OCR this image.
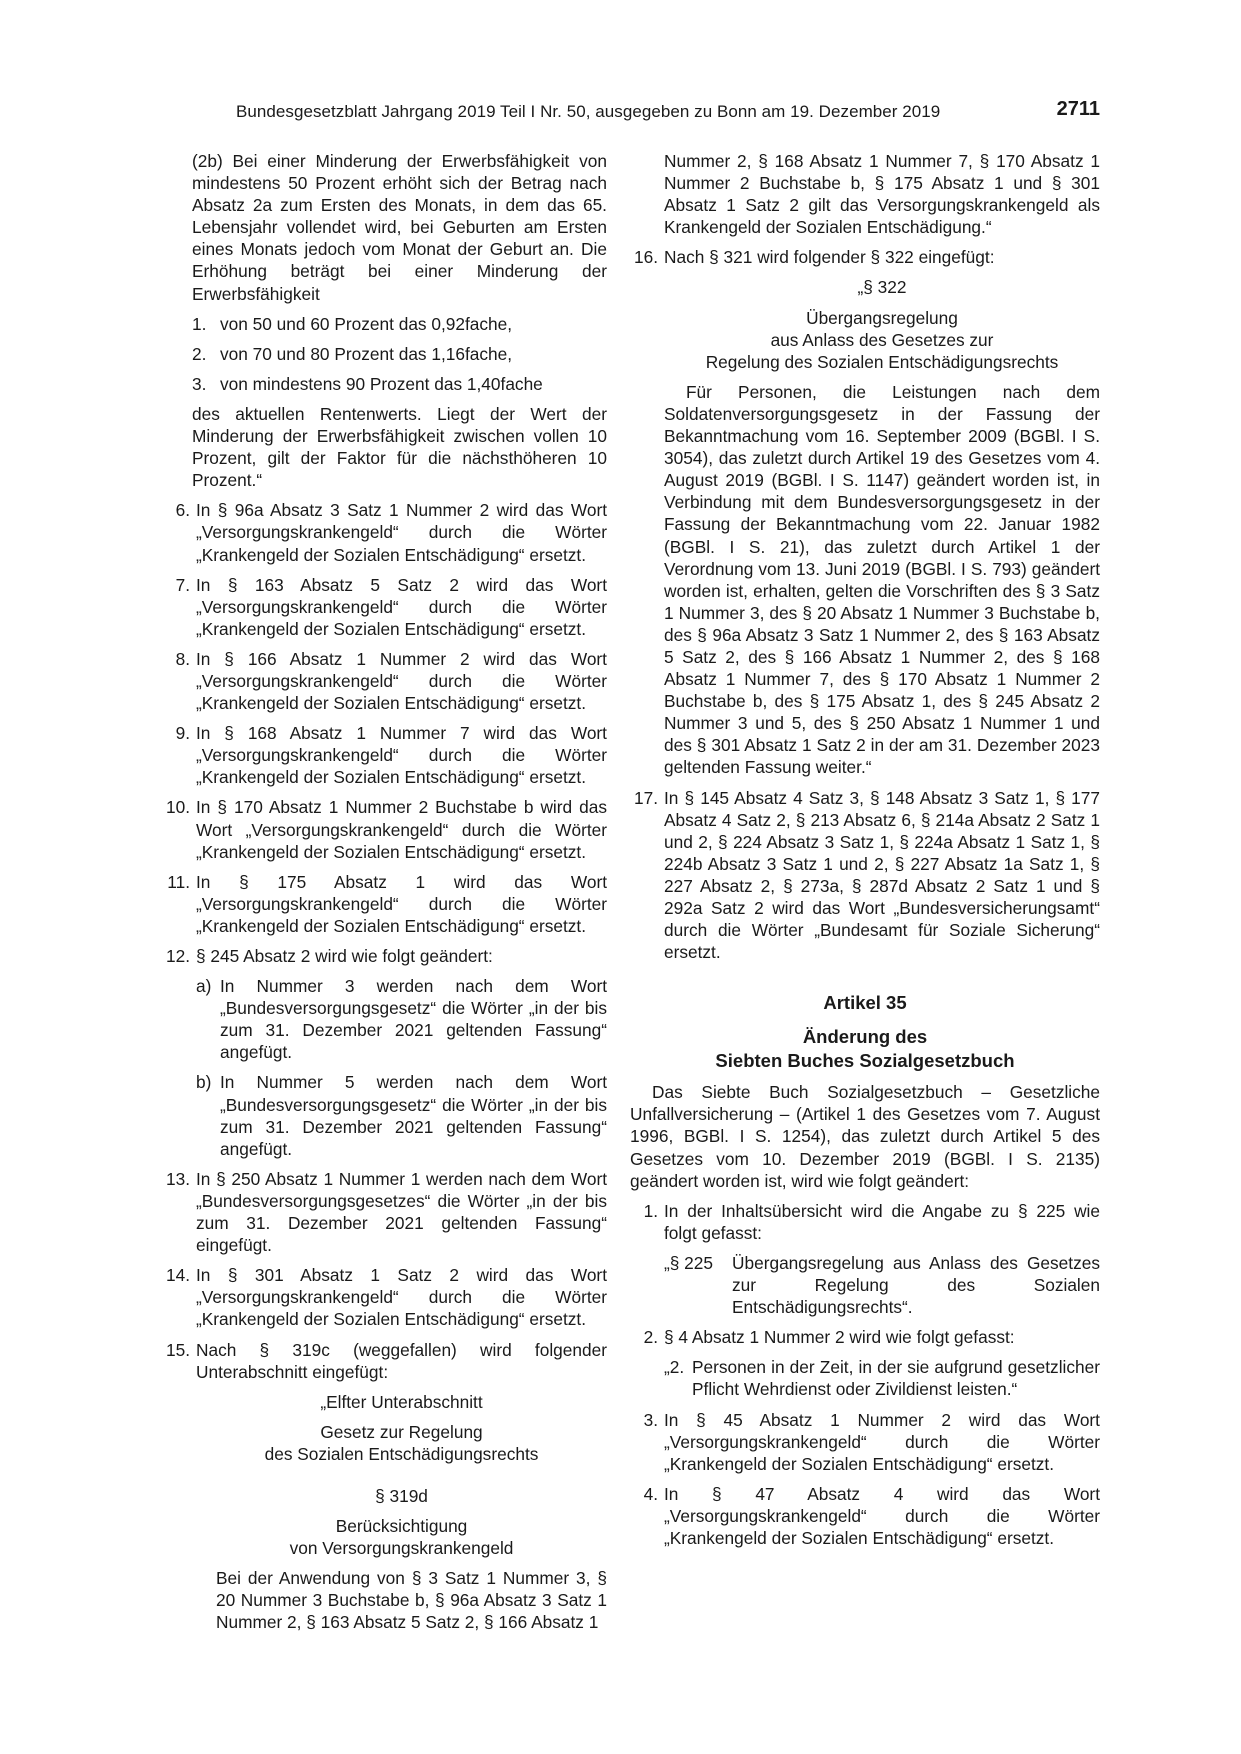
Bundesgesetzblatt Jahrgang 2019 Teil I Nr. 50, ausgegeben zu Bonn am 19. Dezember 2019	2711

(2b) Bei einer Minderung der Erwerbsfähigkeit von mindestens 50 Prozent erhöht sich der Betrag nach Absatz 2a zum Ersten des Monats, in dem das 65. Lebensjahr vollendet wird, bei Geburten am Ersten eines Monats jedoch vom Monat der Geburt an. Die Erhöhung beträgt bei einer Minderung der Erwerbsfähigkeit

1. von 50 und 60 Prozent das 0,92fache,
2. von 70 und 80 Prozent das 1,16fache,
3. von mindestens 90 Prozent das 1,40fache

des aktuellen Rentenwerts. Liegt der Wert der Minderung der Erwerbsfähigkeit zwischen vollen 10 Prozent, gilt der Faktor für die nächsthöheren 10 Prozent.“

6. In § 96a Absatz 3 Satz 1 Nummer 2 wird das Wort „Versorgungskrankengeld“ durch die Wörter „Krankengeld der Sozialen Entschädigung“ ersetzt.
7. In § 163 Absatz 5 Satz 2 wird das Wort „Versorgungskrankengeld“ durch die Wörter „Krankengeld der Sozialen Entschädigung“ ersetzt.
8. In § 166 Absatz 1 Nummer 2 wird das Wort „Versorgungskrankengeld“ durch die Wörter „Krankengeld der Sozialen Entschädigung“ ersetzt.
9. In § 168 Absatz 1 Nummer 7 wird das Wort „Versorgungskrankengeld“ durch die Wörter „Krankengeld der Sozialen Entschädigung“ ersetzt.
10. In § 170 Absatz 1 Nummer 2 Buchstabe b wird das Wort „Versorgungskrankengeld“ durch die Wörter „Krankengeld der Sozialen Entschädigung“ ersetzt.
11. In § 175 Absatz 1 wird das Wort „Versorgungskrankengeld“ durch die Wörter „Krankengeld der Sozialen Entschädigung“ ersetzt.
12. § 245 Absatz 2 wird wie folgt geändert:
a) In Nummer 3 werden nach dem Wort „Bundesversorgungsgesetz“ die Wörter „in der bis zum 31. Dezember 2021 geltenden Fassung“ angefügt.
b) In Nummer 5 werden nach dem Wort „Bundesversorgungsgesetz“ die Wörter „in der bis zum 31. Dezember 2021 geltenden Fassung“ angefügt.
13. In § 250 Absatz 1 Nummer 1 werden nach dem Wort „Bundesversorgungsgesetzes“ die Wörter „in der bis zum 31. Dezember 2021 geltenden Fassung“ eingefügt.
14. In § 301 Absatz 1 Satz 2 wird das Wort „Versorgungskrankengeld“ durch die Wörter „Krankengeld der Sozialen Entschädigung“ ersetzt.
15. Nach § 319c (weggefallen) wird folgender Unterabschnitt eingefügt:

„Elfter Unterabschnitt

Gesetz zur Regelung

des Sozialen Entschädigungsrechts

§ 319d

Berücksichtigung

von Versorgungskrankengeld

Bei der Anwendung von § 3 Satz 1 Nummer 3, § 20 Nummer 3 Buchstabe b, § 96a Absatz 3 Satz 1 Nummer 2, § 163 Absatz 5 Satz 2, § 166 Absatz 1

Nummer 2, § 168 Absatz 1 Nummer 7, § 170 Absatz 1 Nummer 2 Buchstabe b, § 175 Absatz 1 und § 301 Absatz 1 Satz 2 gilt das Versorgungskrankengeld als Krankengeld der Sozialen Entschädigung.“

16. Nach § 321 wird folgender § 322 eingefügt:

„§ 322

Übergangsregelung

aus Anlass des Gesetzes zur

Regelung des Sozialen Entschädigungsrechts

Für Personen, die Leistungen nach dem Soldatenversorgungsgesetz in der Fassung der Bekanntmachung vom 16. September 2009 (BGBl. I S. 3054), das zuletzt durch Artikel 19 des Gesetzes vom 4. August 2019 (BGBl. I S. 1147) geändert worden ist, in Verbindung mit dem Bundesversorgungsgesetz in der Fassung der Bekanntmachung vom 22. Januar 1982 (BGBl. I S. 21), das zuletzt durch Artikel 1 der Verordnung vom 13. Juni 2019 (BGBl. I S. 793) geändert worden ist, erhalten, gelten die Vorschriften des § 3 Satz 1 Nummer 3, des § 20 Absatz 1 Nummer 3 Buchstabe b, des § 96a Absatz 3 Satz 1 Nummer 2, des § 163 Absatz 5 Satz 2, des § 166 Absatz 1 Nummer 2, des § 168 Absatz 1 Nummer 7, des § 170 Absatz 1 Nummer 2 Buchstabe b, des § 175 Absatz 1, des § 245 Absatz 2 Nummer 3 und 5, des § 250 Absatz 1 Nummer 1 und des § 301 Absatz 1 Satz 2 in der am 31. Dezember 2023 geltenden Fassung weiter.“

17. In § 145 Absatz 4 Satz 3, § 148 Absatz 3 Satz 1, § 177 Absatz 4 Satz 2, § 213 Absatz 6, § 214a Absatz 2 Satz 1 und 2, § 224 Absatz 3 Satz 1, § 224a Absatz 1 Satz 1, § 224b Absatz 3 Satz 1 und 2, § 227 Absatz 1a Satz 1, § 227 Absatz 2, § 273a, § 287d Absatz 2 Satz 1 und § 292a Satz 2 wird das Wort „Bundesversicherungsamt“ durch die Wörter „Bundesamt für Soziale Sicherung“ ersetzt.

Artikel 35

Änderung des

Siebten Buches Sozialgesetzbuch

Das Siebte Buch Sozialgesetzbuch – Gesetzliche Unfallversicherung – (Artikel 1 des Gesetzes vom 7. August 1996, BGBl. I S. 1254), das zuletzt durch Artikel 5 des Gesetzes vom 10. Dezember 2019 (BGBl. I S. 2135) geändert worden ist, wird wie folgt geändert:

1. In der Inhaltsübersicht wird die Angabe zu § 225 wie folgt gefasst:
„§ 225	Übergangsregelung aus Anlass des Gesetzes zur Regelung des Sozialen Entschädigungsrechts“.
2. § 4 Absatz 1 Nummer 2 wird wie folgt gefasst:
„2. Personen in der Zeit, in der sie aufgrund gesetzlicher Pflicht Wehrdienst oder Zivildienst leisten.“
3. In § 45 Absatz 1 Nummer 2 wird das Wort „Versorgungskrankengeld“ durch die Wörter „Krankengeld der Sozialen Entschädigung“ ersetzt.
4. In § 47 Absatz 4 wird das Wort „Versorgungskrankengeld“ durch die Wörter „Krankengeld der Sozialen Entschädigung“ ersetzt.
